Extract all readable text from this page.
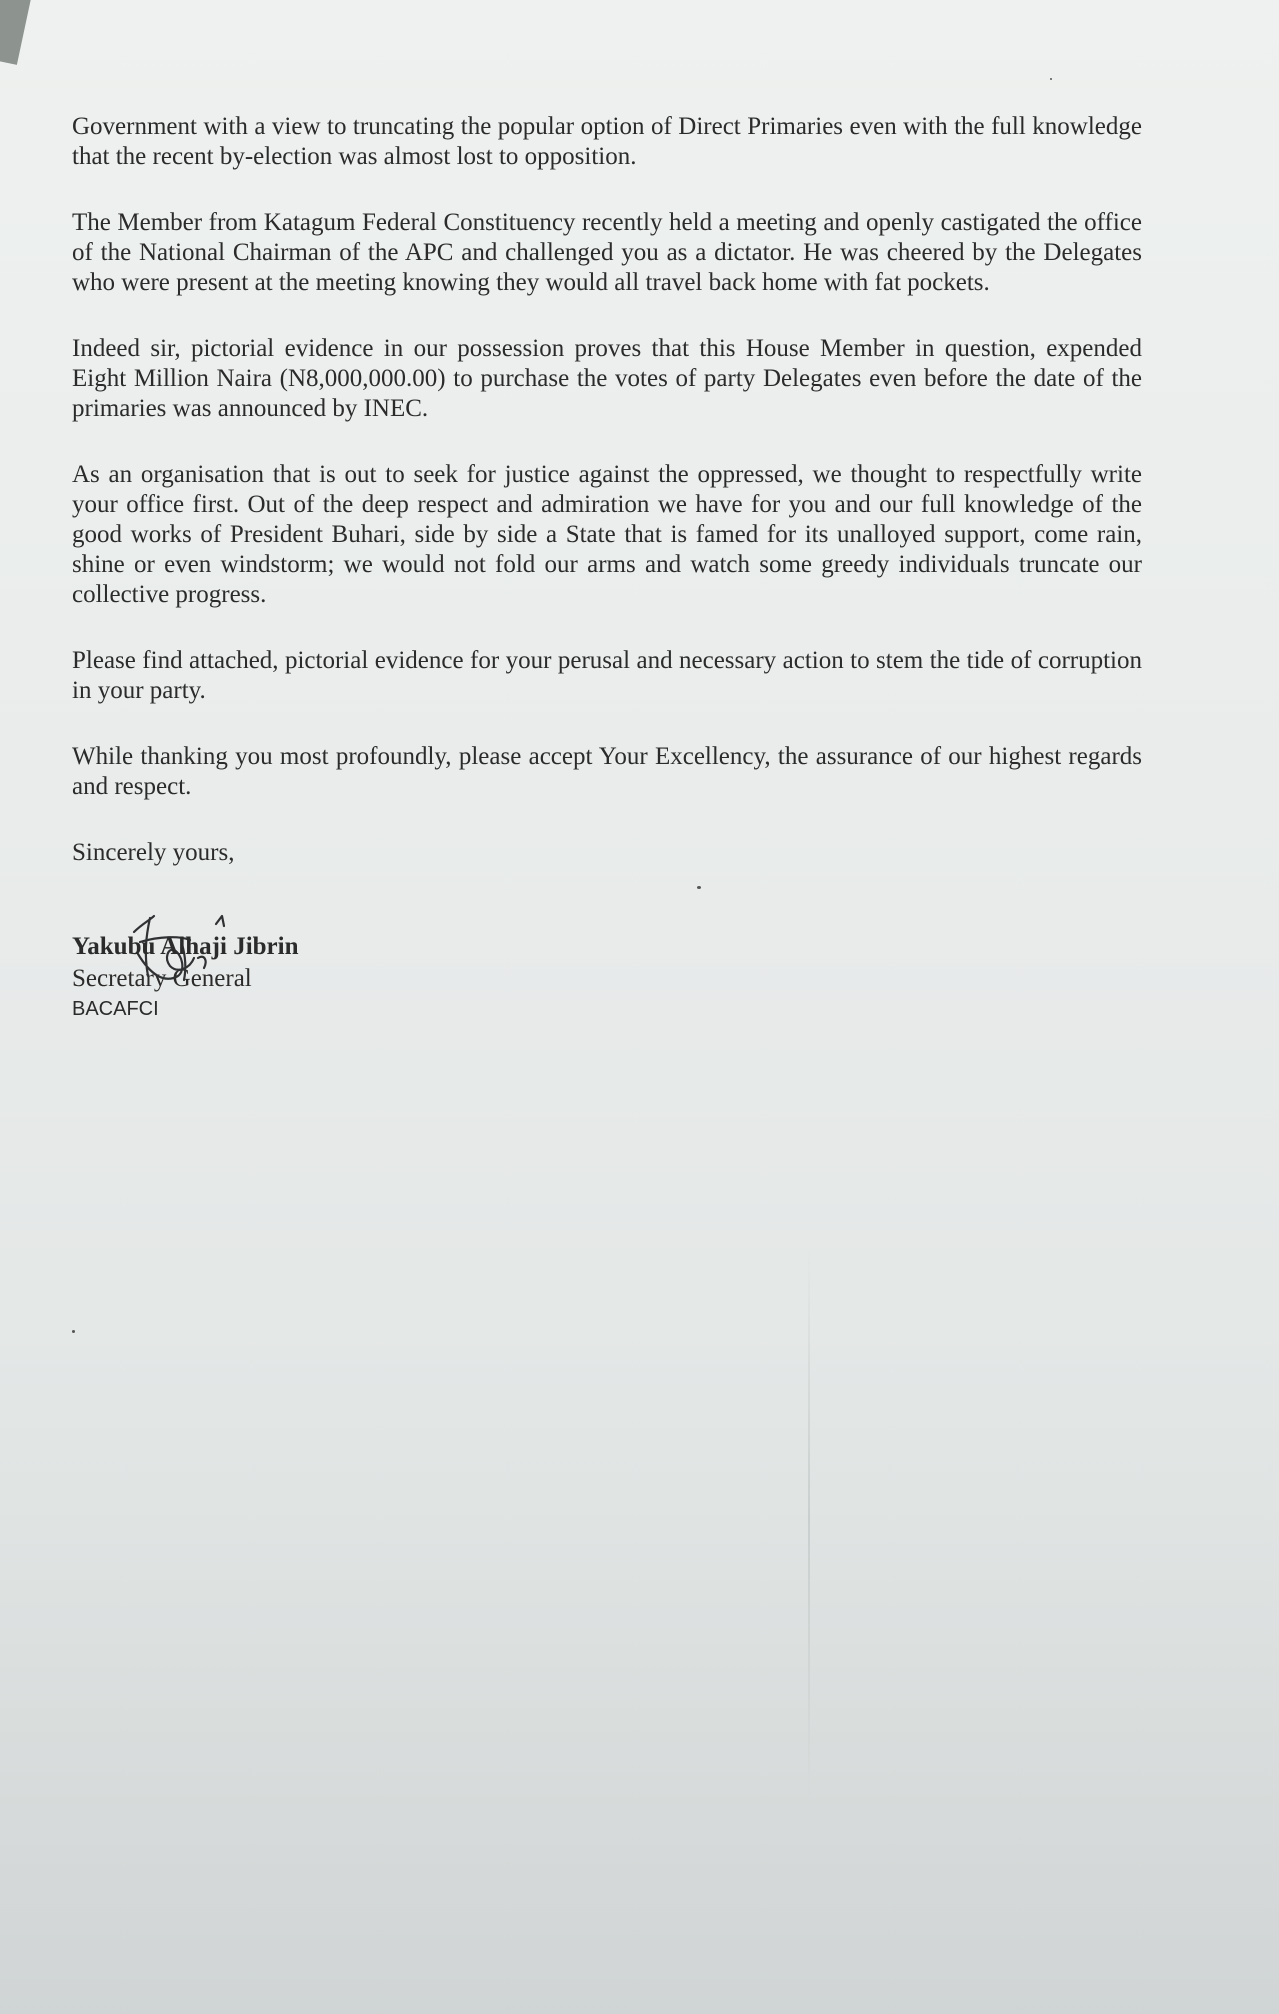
Government with a view to truncating the popular option of Direct Primaries even with the full knowledge that the recent by-election was almost lost to opposition.

The Member from Katagum Federal Constituency recently held a meeting and openly castigated the office of the National Chairman of the APC and challenged you as a dictator. He was cheered by the Delegates who were present at the meeting knowing they would all travel back home with fat pockets.

Indeed sir, pictorial evidence in our possession proves that this House Member in question, expended Eight Million Naira (N8,000,000.00) to purchase the votes of party Delegates even before the date of the primaries was announced by INEC.

As an organisation that is out to seek for justice against the oppressed, we thought to respectfully write your office first. Out of the deep respect and admiration we have for you and our full knowledge of the good works of President Buhari, side by side a State that is famed for its unalloyed support, come rain, shine or even windstorm; we would not fold our arms and watch some greedy individuals truncate our collective progress.

Please find attached, pictorial evidence for your perusal and necessary action to stem the tide of corruption in your party.

While thanking you most profoundly, please accept Your Excellency, the assurance of our highest regards and respect.

Sincerely yours,

Yakubu Alhaji Jibrin
Secretary General
BACAFCI
